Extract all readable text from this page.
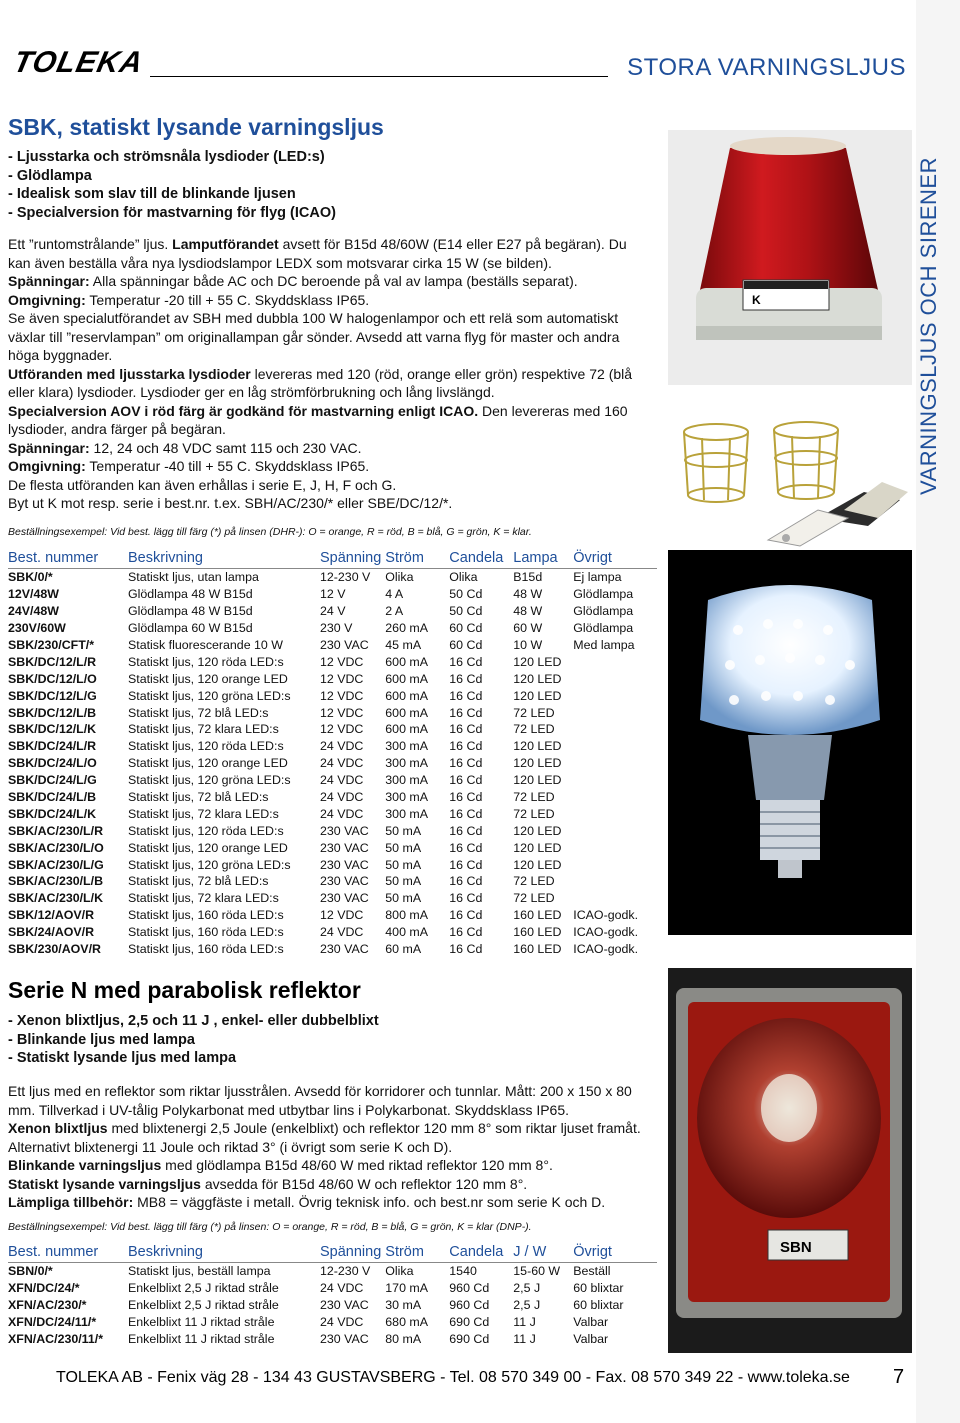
TOLEKA	STORA VARNINGSLJUS
VARNINGSLJUS OCH SIRENER
SBK, statiskt lysande varningsljus
- Ljusstarka och strömsnåla lysdioder (LED:s)
- Glödlampa
- Idealisk som slav till de blinkande ljusen
- Specialversion för mastvarning för flyg (ICAO)
Ett ”runtomstrålande” ljus. Lamputförandet avsett för B15d 48/60W (E14 eller E27 på begäran). Du kan även beställa våra nya lysdiodslampor LEDX som motsvarar cirka 15 W (se bilden).
Spänningar: Alla spänningar både AC och DC beroende på val av lampa (beställs separat).
Omgivning: Temperatur -20 till + 55 C. Skyddsklass IP65.
Se även specialutförandet av SBH med dubbla 100 W halogenlampor och ett relä som automatiskt växlar till ”reservlampan” om originallampan går sönder. Avsedd att varna flyg för master och andra höga byggnader.
Utföranden med ljusstarka lysdioder levereras med 120 (röd, orange eller grön) respektive 72 (blå eller klara) lysdioder. Lysdioder ger en låg strömförbrukning och lång livslängd.
Specialversion AOV i röd färg är godkänd för mastvarning enligt ICAO. Den levereras med 160 lysdioder, andra färger på begäran.
Spänningar: 12, 24 och 48 VDC samt 115 och 230 VAC.
Omgivning: Temperatur -40 till + 55 C. Skyddsklass IP65.
De flesta utföranden kan även erhållas i serie E, J, H, F och G.
Byt ut K mot resp. serie i best.nr. t.ex. SBH/AC/230/* eller SBE/DC/12/*.
Beställningsexempel: Vid best. lägg till färg (*) på linsen (DHR-): O = orange, R = röd, B = blå, G = grön, K = klar.
Best. nummer	Beskrivning	Spänning	Ström	Candela	Lampa	Övrigt
SBK/0/*	Statiskt ljus, utan lampa	12-230 V	Olika	Olika	B15d	Ej lampa
12V/48W	Glödlampa 48 W B15d	12 V	4 A	50 Cd	48 W	Glödlampa
24V/48W	Glödlampa 48 W B15d	24 V	2 A	50 Cd	48 W	Glödlampa
230V/60W	Glödlampa 60 W B15d	230 V	260 mA	60 Cd	60 W	Glödlampa
SBK/230/CFT/*	Statisk fluorescerande 10 W	230 VAC	45 mA	60 Cd	10 W	Med lampa
SBK/DC/12/L/R	Statiskt ljus, 120 röda LED:s	12 VDC	600 mA	16 Cd	120 LED	
SBK/DC/12/L/O	Statiskt ljus, 120 orange LED	12 VDC	600 mA	16 Cd	120 LED	
SBK/DC/12/L/G	Statiskt ljus, 120 gröna LED:s	12 VDC	600 mA	16 Cd	120 LED	
SBK/DC/12/L/B	Statiskt ljus, 72 blå LED:s	12 VDC	600 mA	16 Cd	72 LED	
SBK/DC/12/L/K	Statiskt ljus, 72 klara LED:s	12 VDC	600 mA	16 Cd	72 LED	
SBK/DC/24/L/R	Statiskt ljus, 120 röda LED:s	24 VDC	300 mA	16 Cd	120 LED	
SBK/DC/24/L/O	Statiskt ljus, 120 orange LED	24 VDC	300 mA	16 Cd	120 LED	
SBK/DC/24/L/G	Statiskt ljus, 120 gröna LED:s	24 VDC	300 mA	16 Cd	120 LED	
SBK/DC/24/L/B	Statiskt ljus, 72 blå LED:s	24 VDC	300 mA	16 Cd	72 LED	
SBK/DC/24/L/K	Statiskt ljus, 72 klara LED:s	24 VDC	300 mA	16 Cd	72 LED	
SBK/AC/230/L/R	Statiskt ljus, 120 röda LED:s	230 VAC	50 mA	16 Cd	120 LED	
SBK/AC/230/L/O	Statiskt ljus, 120 orange LED	230 VAC	50 mA	16 Cd	120 LED	
SBK/AC/230/L/G	Statiskt ljus, 120 gröna LED:s	230 VAC	50 mA	16 Cd	120 LED	
SBK/AC/230/L/B	Statiskt ljus, 72 blå LED:s	230 VAC	50 mA	16 Cd	72 LED	
SBK/AC/230/L/K	Statiskt ljus, 72 klara LED:s	230 VAC	50 mA	16 Cd	72 LED	
SBK/12/AOV/R	Statiskt ljus, 160 röda LED:s	12 VDC	800 mA	16 Cd	160 LED	ICAO-godk.
SBK/24/AOV/R	Statiskt ljus, 160 röda LED:s	24 VDC	400 mA	16 Cd	160 LED	ICAO-godk.
SBK/230/AOV/R	Statiskt ljus, 160 röda LED:s	230 VAC	60 mA	16 Cd	160 LED	ICAO-godk.
K
Serie N med parabolisk reflektor
- Xenon blixtljus, 2,5 och 11 J , enkel- eller dubbelblixt
- Blinkande ljus med lampa
- Statiskt lysande ljus med lampa
Ett ljus med en reflektor som riktar ljusstrålen. Avsedd för korridorer och tunnlar. Mått: 200 x 150 x 80 mm. Tillverkad i UV-tålig Polykarbonat med utbytbar lins i Polykarbonat. Skyddsklass IP65.
Xenon blixtljus med blixtenergi 2,5 Joule (enkelblixt) och reflektor 120 mm 8° som riktar ljuset framåt. Alternativt blixtenergi 11 Joule och riktad 3° (i övrigt som serie K och D).
Blinkande varningsljus med glödlampa B15d 48/60 W med riktad reflektor 120 mm 8°.
Statiskt lysande varningsljus avsedda för B15d 48/60 W och reflektor 120 mm 8°.
Lämpliga tillbehör: MB8 = väggfäste i metall. Övrig teknisk info. och best.nr som serie K och D.
Beställningsexempel: Vid best. lägg till färg (*) på linsen: O = orange, R = röd, B = blå, G = grön, K = klar (DNP-).
Best. nummer	Beskrivning	Spänning	Ström	Candela	J / W	Övrigt
SBN/0/*	Statiskt ljus, beställ lampa	12-230 V	Olika	1540	15-60 W	Beställ
XFN/DC/24/*	Enkelblixt 2,5 J riktad stråle	24 VDC	170 mA	960 Cd	2,5 J	60 blixtar
XFN/AC/230/*	Enkelblixt 2,5 J riktad stråle	230 VAC	30 mA	960 Cd	2,5 J	60 blixtar
XFN/DC/24/11/*	Enkelblixt 11 J riktad stråle	24 VDC	680 mA	690 Cd	11 J	Valbar
XFN/AC/230/11/*	Enkelblixt 11 J riktad stråle	230 VAC	80 mA	690 Cd	11 J	Valbar
SBN
TOLEKA AB - Fenix väg 28 - 134 43 GUSTAVSBERG - Tel. 08 570 349 00 - Fax. 08 570 349 22 - www.toleka.se 7
